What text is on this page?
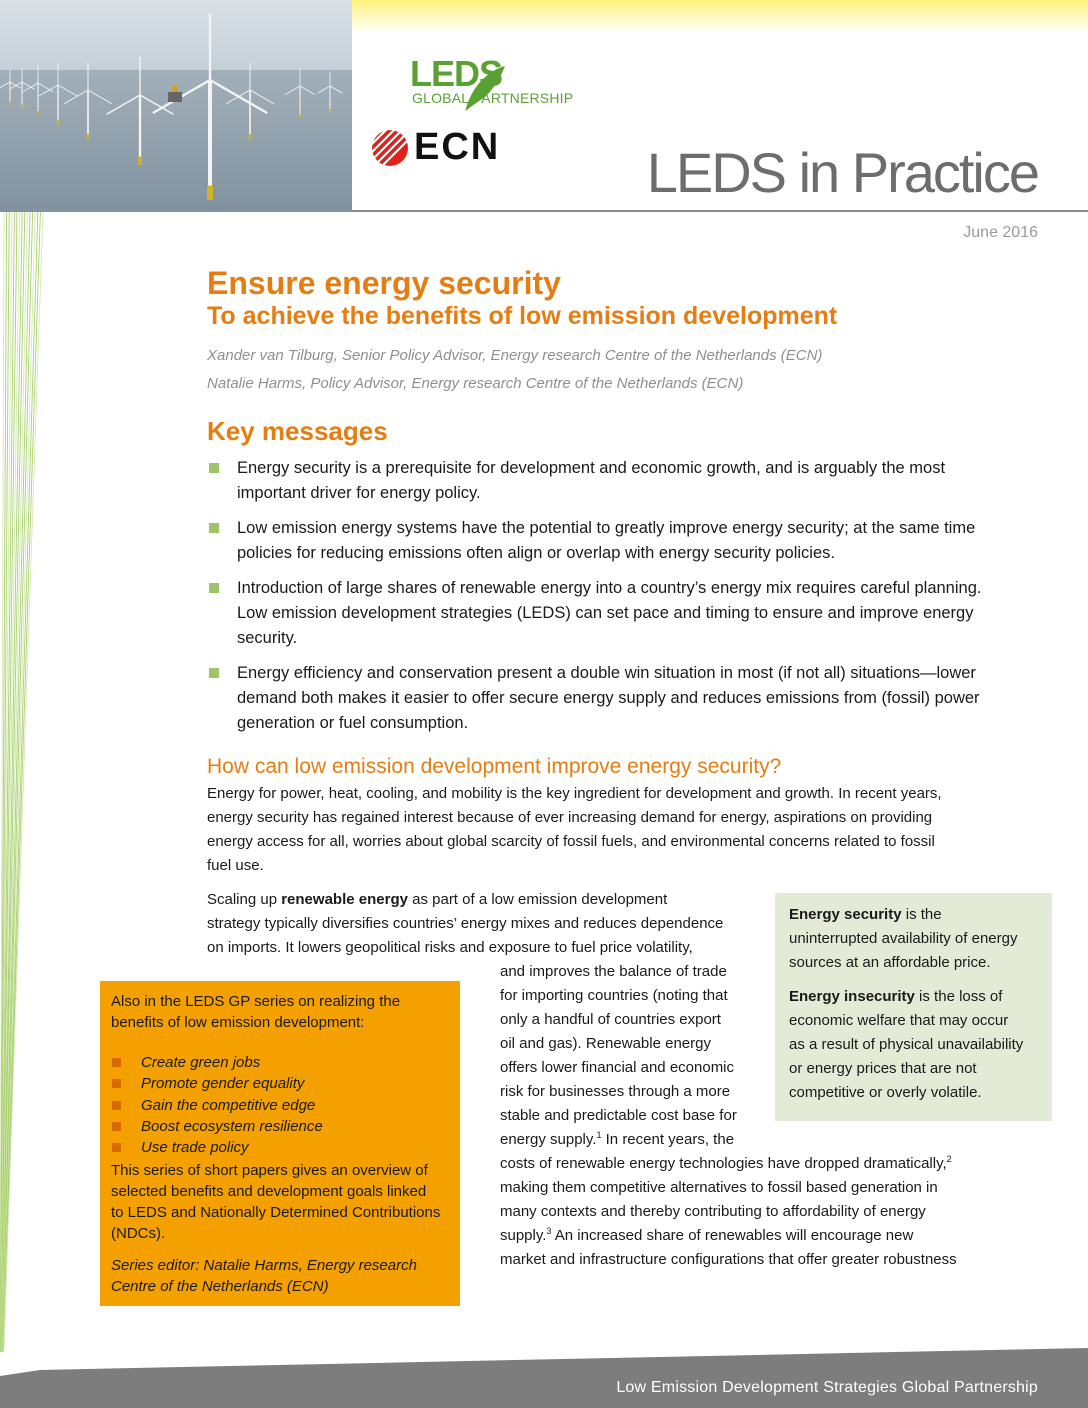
LEDS
GLOBAL PARTNERSHIP
ECN	LEDS in Practice
June 2016
Ensure energy security
To achieve the benefits of low emission development
Xander van Tilburg, Senior Policy Advisor, Energy research Centre of the Netherlands (ECN)
Natalie Harms, Policy Advisor, Energy research Centre of the Netherlands (ECN)
Key messages
Energy security is a prerequisite for development and economic growth, and is arguably the most important driver for energy policy.
Low emission energy systems have the potential to greatly improve energy security; at the same time policies for reducing emissions often align or overlap with energy security policies.
Introduction of large shares of renewable energy into a country’s energy mix requires careful planning. Low emission development strategies (LEDS) can set pace and timing to ensure and improve energy security.
Energy efficiency and conservation present a double win situation in most (if not all) situations—lower demand both makes it easier to offer secure energy supply and reduces emissions from (fossil) power generation or fuel consumption.
How can low emission development improve energy security?
Energy for power, heat, cooling, and mobility is the key ingredient for development and growth. In recent years,
energy security has regained interest because of ever increasing demand for energy, aspirations on providing
energy access for all, worries about global scarcity of fossil fuels, and environmental concerns related to fossil
fuel use.
Scaling up renewable energy as part of a low emission development
strategy typically diversifies countries’ energy mixes and reduces dependence
on imports. It lowers geopolitical risks and exposure to fuel price volatility,
and improves the balance of trade
for importing countries (noting that
only a handful of countries export
oil and gas). Renewable energy
offers lower financial and economic
risk for businesses through a more
stable and predictable cost base for
energy supply.$^1$ In recent years, the
costs of renewable energy technologies have dropped dramatically,$^2$
making them competitive alternatives to fossil based generation in
many contexts and thereby contributing to affordability of energy
supply.$^3$ An increased share of renewables will encourage new
market and infrastructure configurations that offer greater robustness
Energy security is the
uninterrupted availability of energy
sources at an affordable price.
Energy insecurity is the loss of
economic welfare that may occur
as a result of physical unavailability
or energy prices that are not
competitive or overly volatile.
Also in the LEDS GP series on realizing the benefits of low emission development:
Create green jobs
Promote gender equality
Gain the competitive edge
Boost ecosystem resilience
Use trade policy
This series of short papers gives an overview of selected benefits and development goals linked to LEDS and Nationally Determined Contributions (NDCs).
Series editor: Natalie Harms, Energy research Centre of the Netherlands (ECN)
Low Emission Development Strategies Global Partnership
